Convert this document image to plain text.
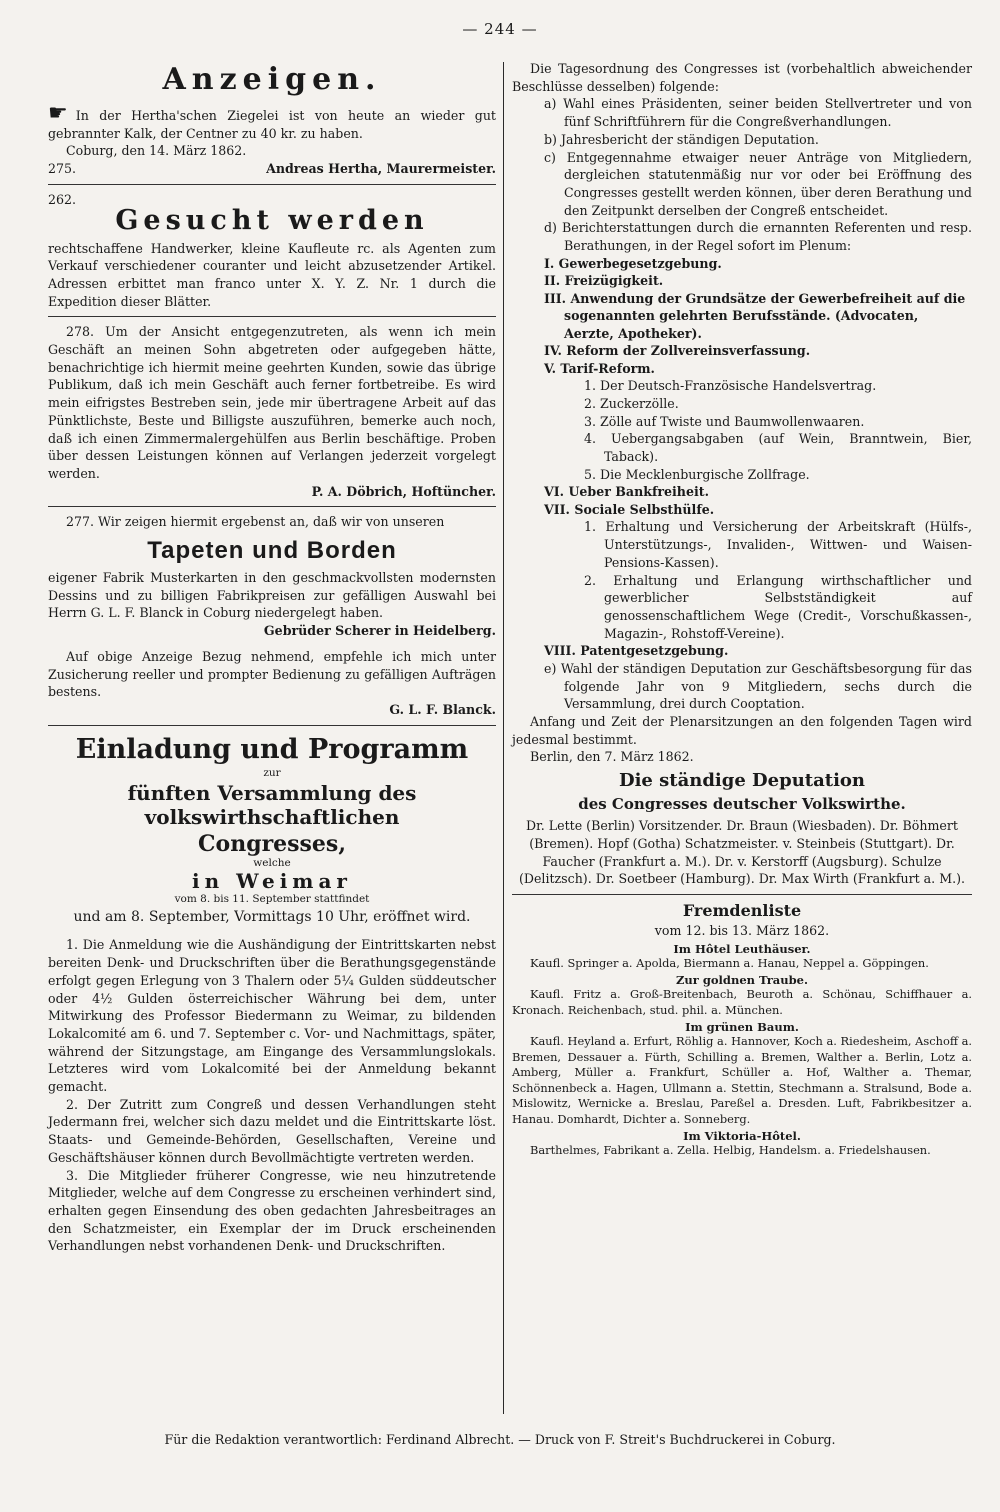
— 244 —
Anzeigen.

☛ In der Hertha'schen Ziegelei ist von heute an wieder gut gebrannter Kalk, der Centner zu 40 kr. zu haben.

Coburg, den 14. März 1862.

275.	Andreas Hertha, Maurermeister.

262.

Gesucht werden

rechtschaffene Handwerker, kleine Kaufleute rc. als Agenten zum Verkauf verschiedener couranter und leicht abzusetzender Artikel. Adressen erbittet man franco unter X. Y. Z. Nr. 1 durch die Expedition dieser Blätter.

278. Um der Ansicht entgegenzutreten, als wenn ich mein Geschäft an meinen Sohn abgetreten oder aufgegeben hätte, benachrichtige ich hiermit meine geehrten Kunden, sowie das übrige Publikum, daß ich mein Geschäft auch ferner fortbetreibe. Es wird mein eifrigstes Bestreben sein, jede mir übertragene Arbeit auf das Pünktlichste, Beste und Billigste auszuführen, bemerke auch noch, daß ich einen Zimmermalergehülfen aus Berlin beschäftige. Proben über dessen Leistungen können auf Verlangen jederzeit vorgelegt werden.

P. A. Döbrich, Hoftüncher.

277. Wir zeigen hiermit ergebenst an, daß wir von unseren

Tapeten und Borden

eigener Fabrik Musterkarten in den geschmackvollsten modernsten Dessins und zu billigen Fabrikpreisen zur gefälligen Auswahl bei Herrn G. L. F. Blanck in Coburg niedergelegt haben.

Gebrüder Scherer in Heidelberg.

Auf obige Anzeige Bezug nehmend, empfehle ich mich unter Zusicherung reeller und prompter Bedienung zu gefälligen Aufträgen bestens.

G. L. F. Blanck.

Einladung und Programm

zur

fünften Versammlung des volkswirthschaftlichen
Congresses,

welche

in Weimar

vom 8. bis 11. September stattfindet

und am 8. September, Vormittags 10 Uhr, eröffnet wird.

1. Die Anmeldung wie die Aushändigung der Eintrittskarten nebst bereiten Denk- und Druckschriften über die Berathungsgegenstände erfolgt gegen Erlegung von 3 Thalern oder 5¼ Gulden süddeutscher oder 4½ Gulden österreichischer Währung bei dem, unter Mitwirkung des Professor Biedermann zu Weimar, zu bildenden Lokalcomité am 6. und 7. September c. Vor- und Nachmittags, später, während der Sitzungstage, am Eingange des Versammlungslokals. Letzteres wird vom Lokalcomité bei der Anmeldung bekannt gemacht.

2. Der Zutritt zum Congreß und dessen Verhandlungen steht Jedermann frei, welcher sich dazu meldet und die Eintrittskarte löst. Staats- und Gemeinde-Behörden, Gesellschaften, Vereine und Geschäftshäuser können durch Bevollmächtigte vertreten werden.

3. Die Mitglieder früherer Congresse, wie neu hinzutretende Mitglieder, welche auf dem Congresse zu erscheinen verhindert sind, erhalten gegen Einsendung des oben gedachten Jahresbeitrages an den Schatzmeister, ein Exemplar der im Druck erscheinenden Verhandlungen nebst vorhandenen Denk- und Druckschriften.

Die Tagesordnung des Congresses ist (vorbehaltlich abweichender Beschlüsse desselben) folgende:

a) Wahl eines Präsidenten, seiner beiden Stellvertreter und von fünf Schriftführern für die Congreßverhandlungen.

b) Jahresbericht der ständigen Deputation.

c) Entgegennahme etwaiger neuer Anträge von Mitgliedern, dergleichen statutenmäßig nur vor oder bei Eröffnung des Congresses gestellt werden können, über deren Berathung und den Zeitpunkt derselben der Congreß entscheidet.

d) Berichterstattungen durch die ernannten Referenten und resp. Berathungen, in der Regel sofort im Plenum:

I. Gewerbegesetzgebung.

II. Freizügigkeit.

III. Anwendung der Grundsätze der Gewerbefreiheit auf die sogenannten gelehrten Berufsstände. (Advocaten, Aerzte, Apotheker).

IV. Reform der Zollvereinsverfassung.

V. Tarif-Reform.

1. Der Deutsch-Französische Handelsvertrag.

2. Zuckerzölle.

3. Zölle auf Twiste und Baumwollenwaaren.

4. Uebergangsabgaben (auf Wein, Branntwein, Bier, Taback).

5. Die Mecklenburgische Zollfrage.

VI. Ueber Bankfreiheit.

VII. Sociale Selbsthülfe.

1. Erhaltung und Versicherung der Arbeitskraft (Hülfs-, Unterstützungs-, Invaliden-, Wittwen- und Waisen-Pensions-Kassen).

2. Erhaltung und Erlangung wirthschaftlicher und gewerblicher Selbstständigkeit auf genossenschaftlichem Wege (Credit-, Vorschußkassen-, Magazin-, Rohstoff-Vereine).

VIII. Patentgesetzgebung.

e) Wahl der ständigen Deputation zur Geschäftsbesorgung für das folgende Jahr von 9 Mitgliedern, sechs durch die Versammlung, drei durch Cooptation.

Anfang und Zeit der Plenarsitzungen an den folgenden Tagen wird jedesmal bestimmt.

Berlin, den 7. März 1862.

Die ständige Deputation
des Congresses deutscher Volkswirthe.

Dr. Lette (Berlin) Vorsitzender. Dr. Braun (Wiesbaden). Dr. Böhmert (Bremen). Hopf (Gotha) Schatzmeister. v. Steinbeis (Stuttgart). Dr. Faucher (Frankfurt a. M.). Dr. v. Kerstorff (Augsburg). Schulze (Delitzsch). Dr. Soetbeer (Hamburg). Dr. Max Wirth (Frankfurt a. M.).

Fremdenliste

vom 12. bis 13. März 1862.

Im Hôtel Leuthäuser.

Kaufl. Springer a. Apolda, Biermann a. Hanau, Neppel a. Göppingen.

Zur goldnen Traube.

Kaufl. Fritz a. Groß-Breitenbach, Beuroth a. Schönau, Schiffhauer a. Kronach. Reichenbach, stud. phil. a. München.

Im grünen Baum.

Kaufl. Heyland a. Erfurt, Röhlig a. Hannover, Koch a. Riedesheim, Aschoff a. Bremen, Dessauer a. Fürth, Schilling a. Bremen, Walther a. Berlin, Lotz a. Amberg, Müller a. Frankfurt, Schüller a. Hof, Walther a. Themar, Schönnenbeck a. Hagen, Ullmann a. Stettin, Stechmann a. Stralsund, Bode a. Mislowitz, Wernicke a. Breslau, Pareßel a. Dresden. Luft, Fabrikbesitzer a. Hanau. Domhardt, Dichter a. Sonneberg.

Im Viktoria-Hôtel.

Barthelmes, Fabrikant a. Zella. Helbig, Handelsm. a. Friedelshausen.

Für die Redaktion verantwortlich: Ferdinand Albrecht. — Druck von F. Streit's Buchdruckerei in Coburg.
